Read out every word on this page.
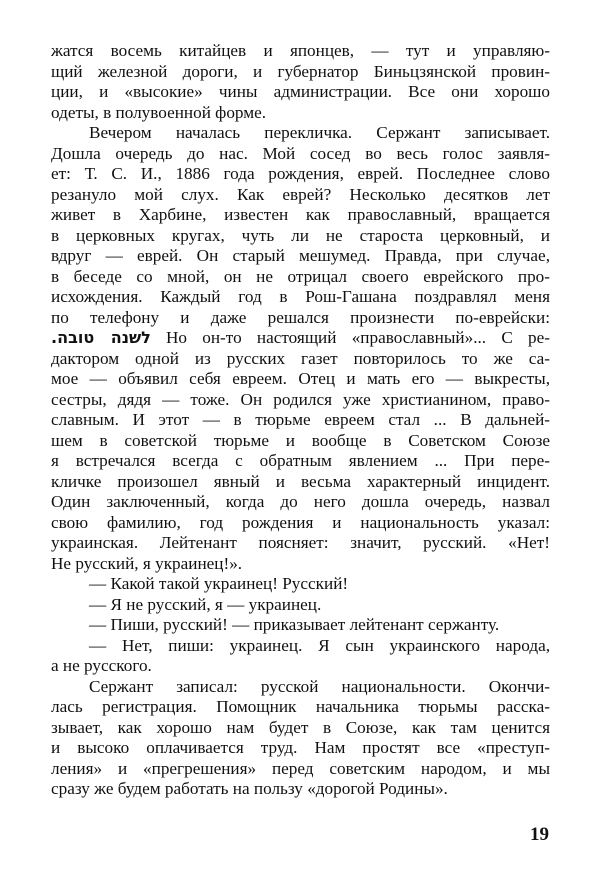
жатся восемь китайцев и японцев, — тут и управляю-
щий железной дороги, и губернатор Биньцзянской провин-
ции, и «высокие» чины администрации. Все они хорошо
одеты, в полувоенной форме.
Вечером началась перекличка. Сержант записывает.
Дошла очередь до нас. Мой сосед во весь голос заявля-
ет: Т. С. И., 1886 года рождения, еврей. Последнее слово
резануло мой слух. Как еврей? Несколько десятков лет
живет в Харбине, известен как православный, вращается
в церковных кругах, чуть ли не староста церковный, и
вдруг — еврей. Он старый мешумед. Правда, при случае,
в беседе со мной, он не отрицал своего еврейского про-
исхождения. Каждый год в Рош-Гашана поздравлял меня
по телефону и даже решался произнести по-еврейски:
לשנה טובה. Но он-то настоящий «православный»... С ре-
дактором одной из русских газет повторилось то же са-
мое — объявил себя евреем. Отец и мать его — выкресты,
сестры, дядя — тоже. Он родился уже христианином, право-
славным. И этот — в тюрьме евреем стал ... В дальней-
шем в советской тюрьме и вообще в Советском Союзе
я встречался всегда с обратным явлением ... При пере-
кличке произошел явный и весьма характерный инцидент.
Один заключенный, когда до него дошла очередь, назвал
свою фамилию, год рождения и национальность указал:
украинская. Лейтенант поясняет: значит, русский. «Нет!
Не русский, я украинец!».
— Какой такой украинец! Русский!
— Я не русский, я — украинец.
— Пиши, русский! — приказывает лейтенант сержанту.
— Нет, пиши: украинец. Я сын украинского народа,
а не русского.
Сержант записал: русской национальности. Окончи-
лась регистрация. Помощник начальника тюрьмы расска-
зывает, как хорошо нам будет в Союзе, как там ценится
и высоко оплачивается труд. Нам простят все «преступ-
ления» и «прегрешения» перед советским народом, и мы
сразу же будем работать на пользу «дорогой Родины».
19
